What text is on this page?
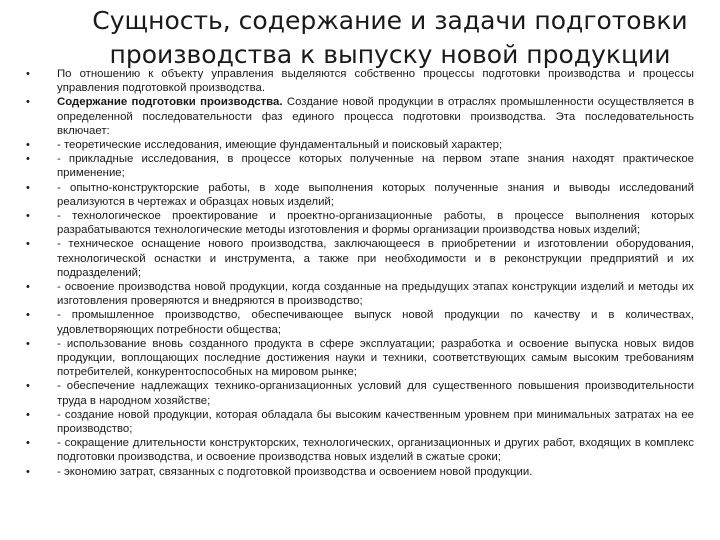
Сущность, содержание и задачи подготовки
производства к выпуску новой продукции
•	По отношению к объекту управления выделяются собственно процессы подготовки производства и процессы управления подготовкой производства.
•	Содержание подготовки производства. Создание новой продукции в отраслях промышленности осуществляется в определенной последовательности фаз единого процесса подготовки производства. Эта последовательность включает:
•	- теоретические исследования, имеющие фундаментальный и поисковый характер;
•	- прикладные исследования, в процессе которых полученные на первом этапе знания находят практическое применение;
•	- опытно-конструкторские работы, в ходе выполнения которых полученные знания и выводы исследований реализуются в чертежах и образцах новых изделий;
•	- технологическое проектирование и проектно-организационные работы, в процессе выполнения которых разрабатываются технологические методы изготовления и формы организации производства новых изделий;
•	- техническое оснащение нового производства, заключающееся в приобретении и изготовлении оборудования, технологической оснастки и инструмента, а также при необходимости и в реконструкции предприятий и их подразделений;
•	- освоение производства новой продукции, когда созданные на предыдущих этапах конструкции изделий и методы их изготовления проверяются и внедряются в производство;
•	- промышленное производство, обеспечивающее выпуск новой продукции по качеству и в количествах, удовлетворяющих потребности общества;
•	- использование вновь созданного продукта в сфере эксплуатации; разработка и освоение выпуска новых видов продукции, воплощающих последние достижения науки и техники, соответствующих самым высоким требованиям потребителей, конкурентоспособных на мировом рынке;
•	- обеспечение надлежащих технико-организационных условий для существенного повышения производительности труда в народном хозяйстве;
•	- создание новой продукции, которая обладала бы высоким качественным уровнем при минимальных затратах на ее производство;
•	- сокращение длительности конструкторских, технологических, организационных и других работ, входящих в комплекс подготовки производства, и освоение производства новых изделий в сжатые сроки;
•	- экономию затрат, связанных с подготовкой производства и освоением новой продукции.
